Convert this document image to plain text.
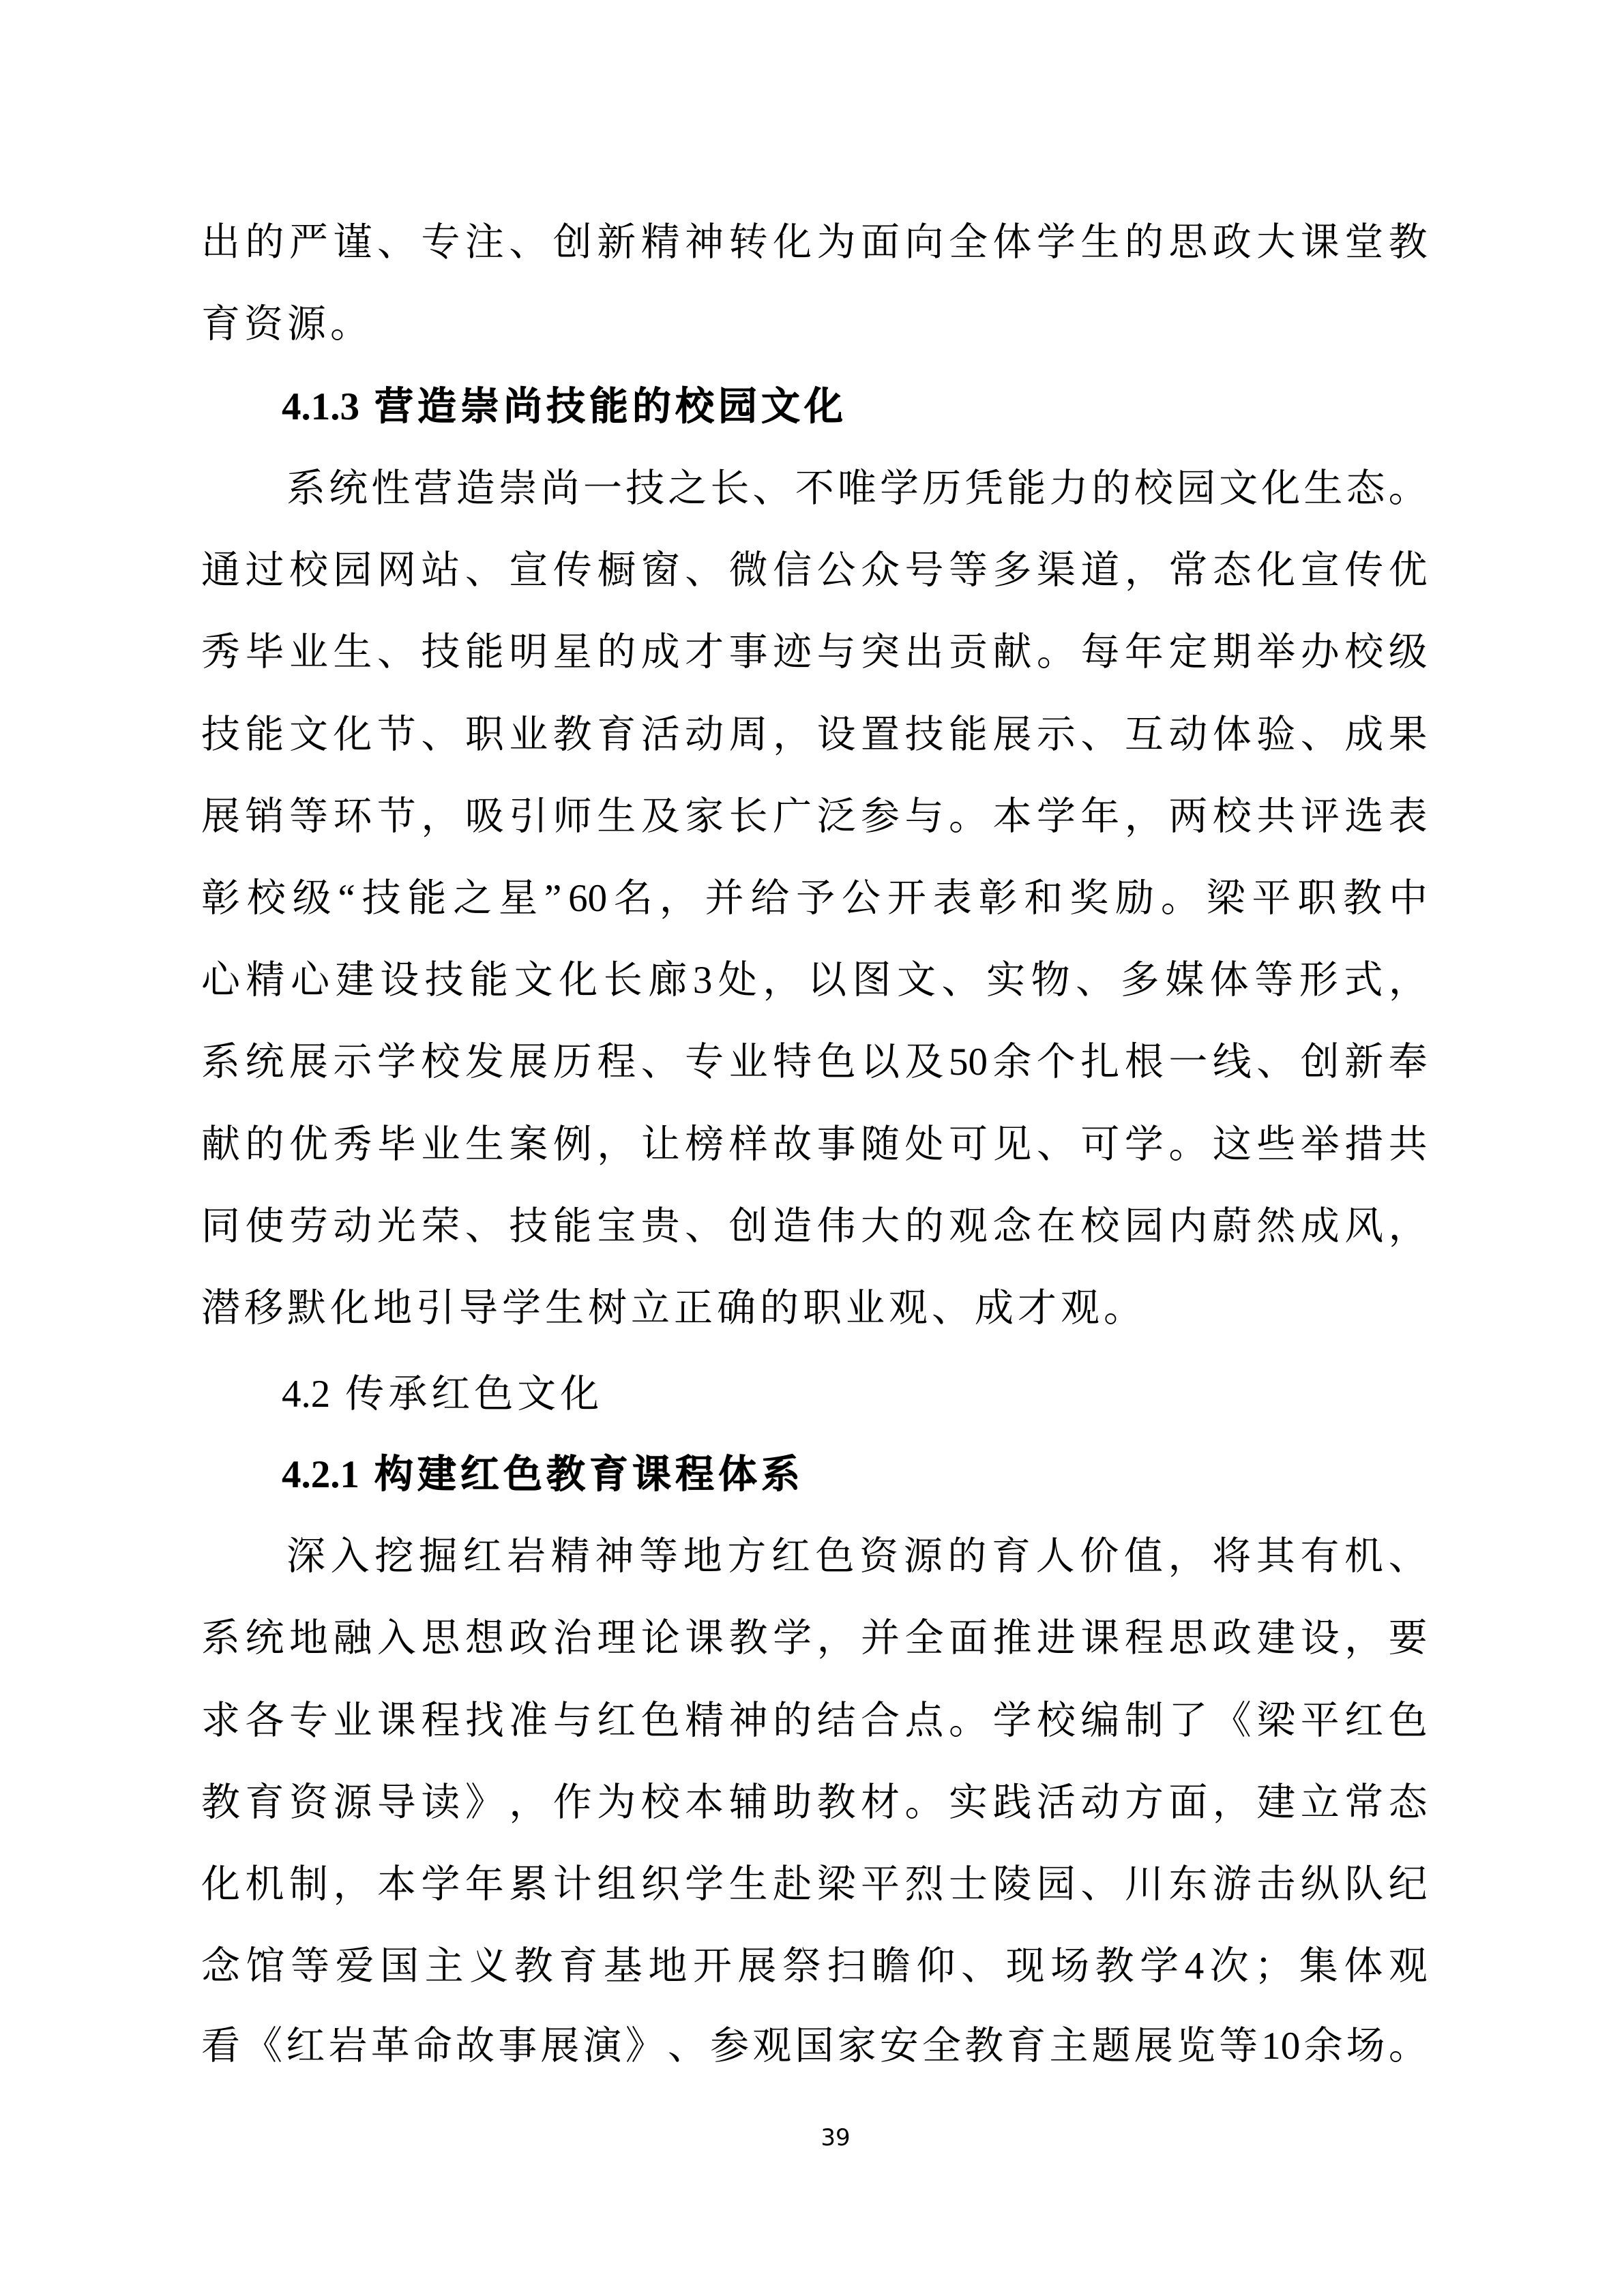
出 的 严 谨 、 专 注 、 创 新 精 神 转 化 为 面 向 全 体 学 生 的 思 政 大 课 堂 教
育资源。
4.1.3 营造崇尚技能的校园文化
系 统 性 营 造 崇 尚 一 技 之 长 、 不 唯 学 历 凭 能 力 的 校 园 文 化 生 态 。
通 过 校 园 网 站 、 宣 传 橱 窗 、 微 信 公 众 号 等 多 渠 道 ， 常 态 化 宣 传 优
秀 毕 业 生 、 技 能 明 星 的 成 才 事 迹 与 突 出 贡 献 。 每 年 定 期 举 办 校 级
技 能 文 化 节 、 职 业 教 育 活 动 周 ， 设 置 技 能 展 示 、 互 动 体 验 、 成 果
展 销 等 环 节 ， 吸 引 师 生 及 家 长 广 泛 参 与 。 本 学 年 ， 两 校 共 评 选 表
彰 校 级 “ 技 能 之 星 ” 60 名 ， 并 给 予 公 开 表 彰 和 奖 励 。 梁 平 职 教 中
心 精 心 建 设 技 能 文 化 长 廊 3 处 ， 以 图 文 、 实 物 、 多 媒 体 等 形 式 ，
系 统 展 示 学 校 发 展 历 程 、 专 业 特 色 以 及 50 余 个 扎 根 一 线 、 创 新 奉
献 的 优 秀 毕 业 生 案 例 ， 让 榜 样 故 事 随 处 可 见 、 可 学 。 这 些 举 措 共
同 使 劳 动 光 荣 、 技 能 宝 贵 、 创 造 伟 大 的 观 念 在 校 园 内 蔚 然 成 风 ，
潜移默化地引导学生树立正确的职业观、成才观。
4.2 传承红色文化
4.2.1 构建红色教育课程体系
深 入 挖 掘 红 岩 精 神 等 地 方 红 色 资 源 的 育 人 价 值 ， 将 其 有 机 、
系 统 地 融 入 思 想 政 治 理 论 课 教 学 ， 并 全 面 推 进 课 程 思 政 建 设 ， 要
求 各 专 业 课 程 找 准 与 红 色 精 神 的 结 合 点 。 学 校 编 制 了 《 梁 平 红 色
教 育 资 源 导 读 》 ， 作 为 校 本 辅 助 教 材 。 实 践 活 动 方 面 ， 建 立 常 态
化 机 制 ， 本 学 年 累 计 组 织 学 生 赴 梁 平 烈 士 陵 园 、 川 东 游 击 纵 队 纪
念 馆 等 爱 国 主 义 教 育 基 地 开 展 祭 扫 瞻 仰 、 现 场 教 学 4 次 ； 集 体 观
看 《 红 岩 革 命 故 事 展 演 》 、 参 观 国 家 安 全 教 育 主 题 展 览 等 10 余 场 。
39
